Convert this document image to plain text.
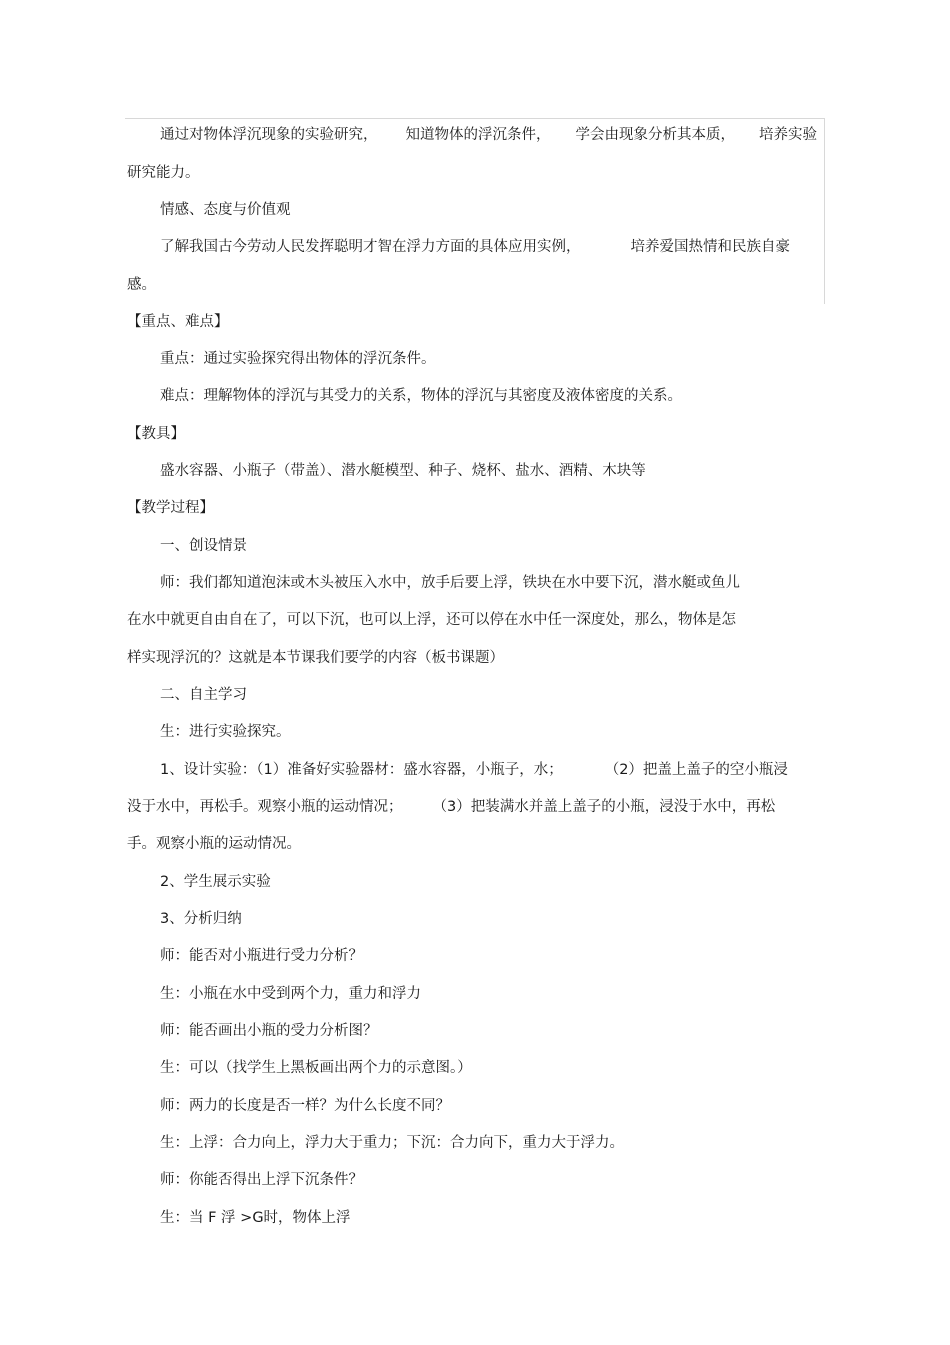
通过对物体浮沉现象的实验研究， 知道物体的浮沉条件， 学会由现象分析其本质， 培养实验
研究能力。
情感、态度与价值观
了解我国古今劳动人民发挥聪明才智在浮力方面的具体应用实例，	培养爱国热情和民族自豪
感。
【重点、难点】
重点：通过实验探究得出物体的浮沉条件。
难点：理解物体的浮沉与其受力的关系，物体的浮沉与其密度及液体密度的关系。
【教具】
盛水容器、小瓶子（带盖）、潜水艇模型、种子、烧杯、盐水、酒精、木块等
【教学过程】
一、创设情景
师：我们都知道泡沫或木头被压入水中，放手后要上浮，铁块在水中要下沉，潜水艇或鱼儿
在水中就更自由自在了，可以下沉，也可以上浮，还可以停在水中任一深度处，那么，物体是怎
样实现浮沉的？这就是本节课我们要学的内容（板书课题）
二、自主学习
生：进行实验探究。
1、设计实验：（1）准备好实验器材：盛水容器，小瓶子，水；	（2）把盖上盖子的空小瓶浸
没于水中，再松手。观察小瓶的运动情况； （3）把装满水并盖上盖子的小瓶，浸没于水中，再松
手。观察小瓶的运动情况。
2、学生展示实验
3、分析归纳
师：能否对小瓶进行受力分析？
生：小瓶在水中受到两个力，重力和浮力
师：能否画出小瓶的受力分析图？
生：可以（找学生上黑板画出两个力的示意图。）
师：两力的长度是否一样？为什么长度不同？
生：上浮：合力向上，浮力大于重力；下沉：合力向下，重力大于浮力。
师：你能否得出上浮下沉条件？
生：当 F 浮 >G时，物体上浮
